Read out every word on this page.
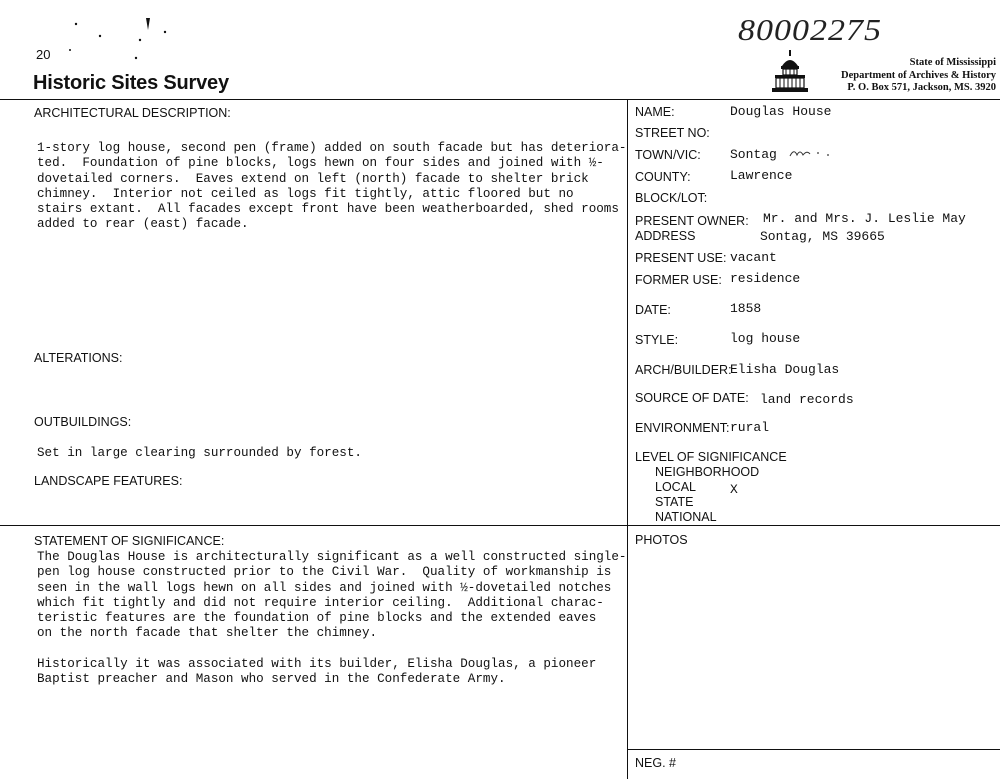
20
Historic Sites Survey
80002275
State of Mississippi
Department of Archives & History
P. O. Box 571, Jackson, MS. 3920
ARCHITECTURAL DESCRIPTION:
1-story log house, second pen (frame) added on south facade but has deteriora-
ted.  Foundation of pine blocks, logs hewn on four sides and joined with ½-
dovetailed corners.  Eaves extend on left (north) facade to shelter brick
chimney.  Interior not ceiled as logs fit tightly, attic floored but no
stairs extant.  All facades except front have been weatherboarded, shed rooms
added to rear (east) facade.
ALTERATIONS:
OUTBUILDINGS:
Set in large clearing surrounded by forest.
LANDSCAPE FEATURES:
STATEMENT OF SIGNIFICANCE:
The Douglas House is architecturally significant as a well constructed single-
pen log house constructed prior to the Civil War.  Quality of workmanship is
seen in the wall logs hewn on all sides and joined with ½-dovetailed notches
which fit tightly and did not require interior ceiling.  Additional charac-
teristic features are the foundation of pine blocks and the extended eaves
on the north facade that shelter the chimney.
Historically it was associated with its builder, Elisha Douglas, a pioneer
Baptist preacher and Mason who served in the Confederate Army.
NAME:	Douglas House
STREET NO:
TOWN/VIC: Sontag
COUNTY:	Lawrence
BLOCK/LOT:
PRESENT OWNER: Mr. and Mrs. J. Leslie May
ADDRESS	Sontag, MS 39665
PRESENT USE: vacant
FORMER USE: residence
DATE:	1858
STYLE:	log house
ARCH/BUILDER:
Elisha Douglas
SOURCE OF DATE: land records
ENVIRONMENT: rural
LEVEL OF SIGNIFICANCE
NEIGHBORHOOD
LOCAL	X
STATE
NATIONAL
PHOTOS
NEG. #
